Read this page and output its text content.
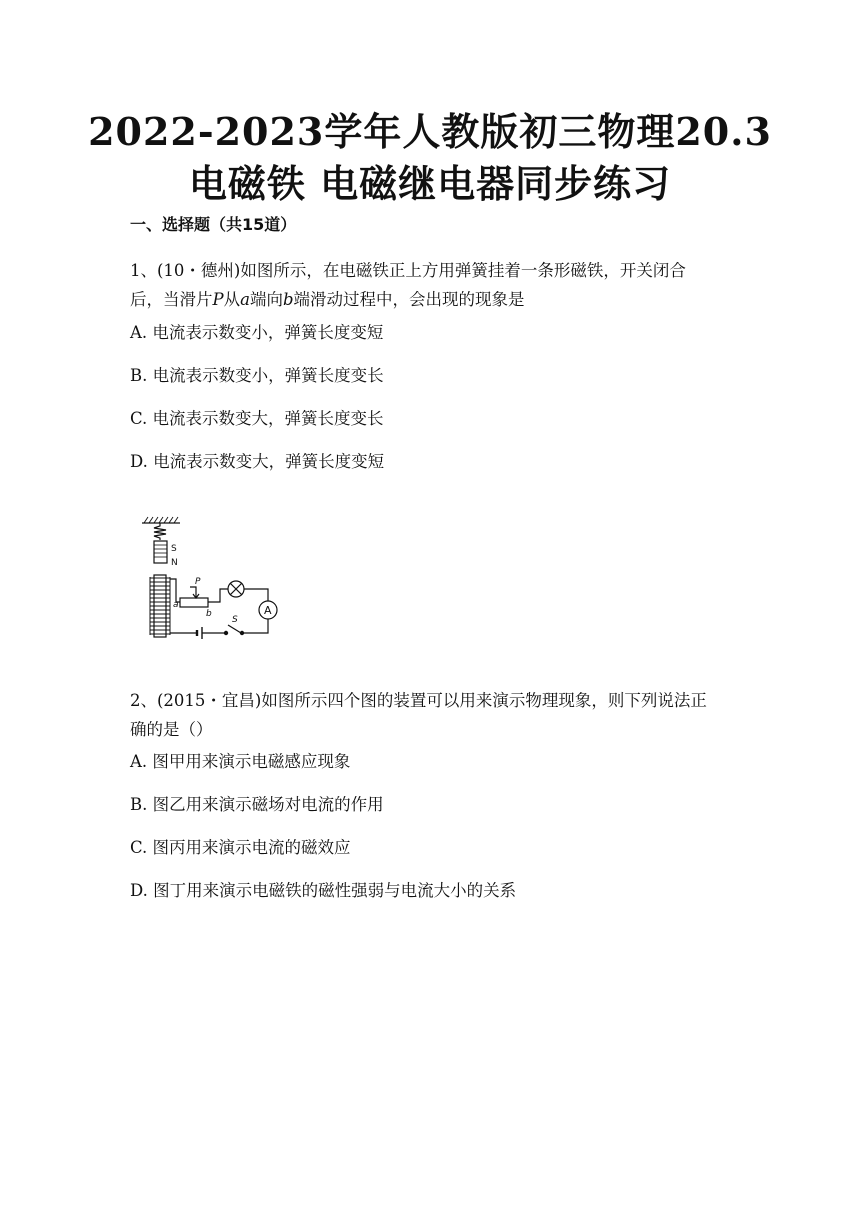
2022-2023学年人教版初三物理20.3
电磁铁 电磁继电器同步练习
一、选择题（共15道）
1、(10・德州)如图所示，在电磁铁正上方用弹簧挂着一条形磁铁，开关闭合
后，当滑片P从a端向b端滑动过程中，会出现的现象是
A. 电流表示数变小，弹簧长度变短
B. 电流表示数变小，弹簧长度变长
C. 电流表示数变大，弹簧长度变长
D. 电流表示数变大，弹簧长度变短
S
N
P
a
b	A
S
2、(2015・宜昌)如图所示四个图的装置可以用来演示物理现象，则下列说法正
确的是（）
A. 图甲用来演示电磁感应现象
B. 图乙用来演示磁场对电流的作用
C. 图丙用来演示电流的磁效应
D. 图丁用来演示电磁铁的磁性强弱与电流大小的关系
